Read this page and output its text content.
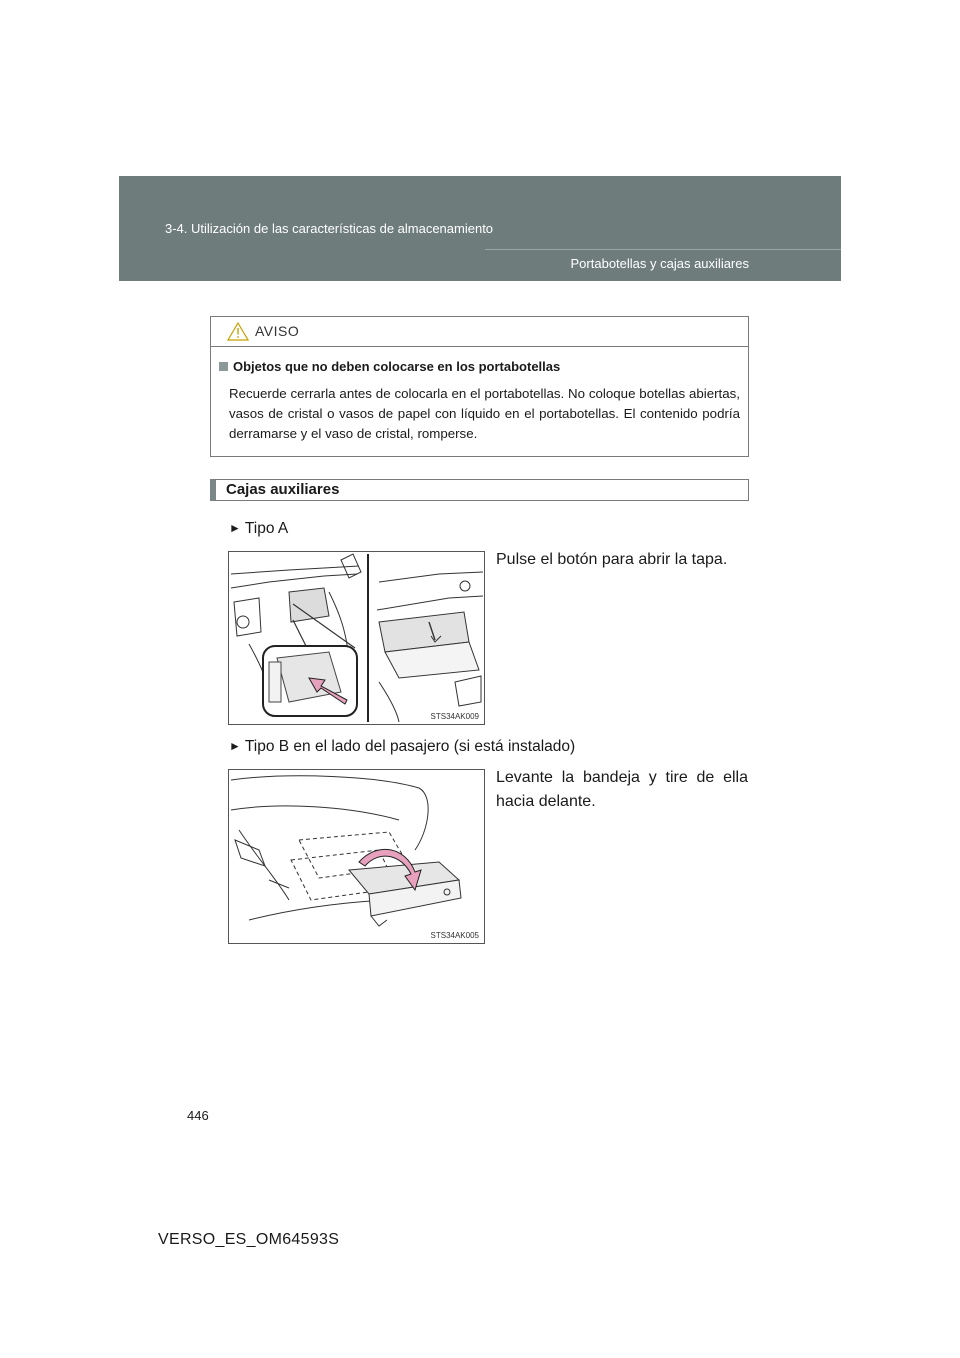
3-4. Utilización de las características de almacenamiento
Portabotellas y cajas auxiliares
AVISO
Objetos que no deben colocarse en los portabotellas
Recuerde cerrarla antes de colocarla en el portabotellas. No coloque botellas abiertas, vasos de cristal o vasos de papel con líquido en el portabotellas. El contenido podría derramarse y el vaso de cristal, romperse.
Cajas auxiliares
► Tipo A
STS34AK009
Pulse el botón para abrir la tapa.
► Tipo B en el lado del pasajero (si está instalado)
STS34AK005
Levante la bandeja y tire de ella hacia delante.
446
VERSO_ES_OM64593S
